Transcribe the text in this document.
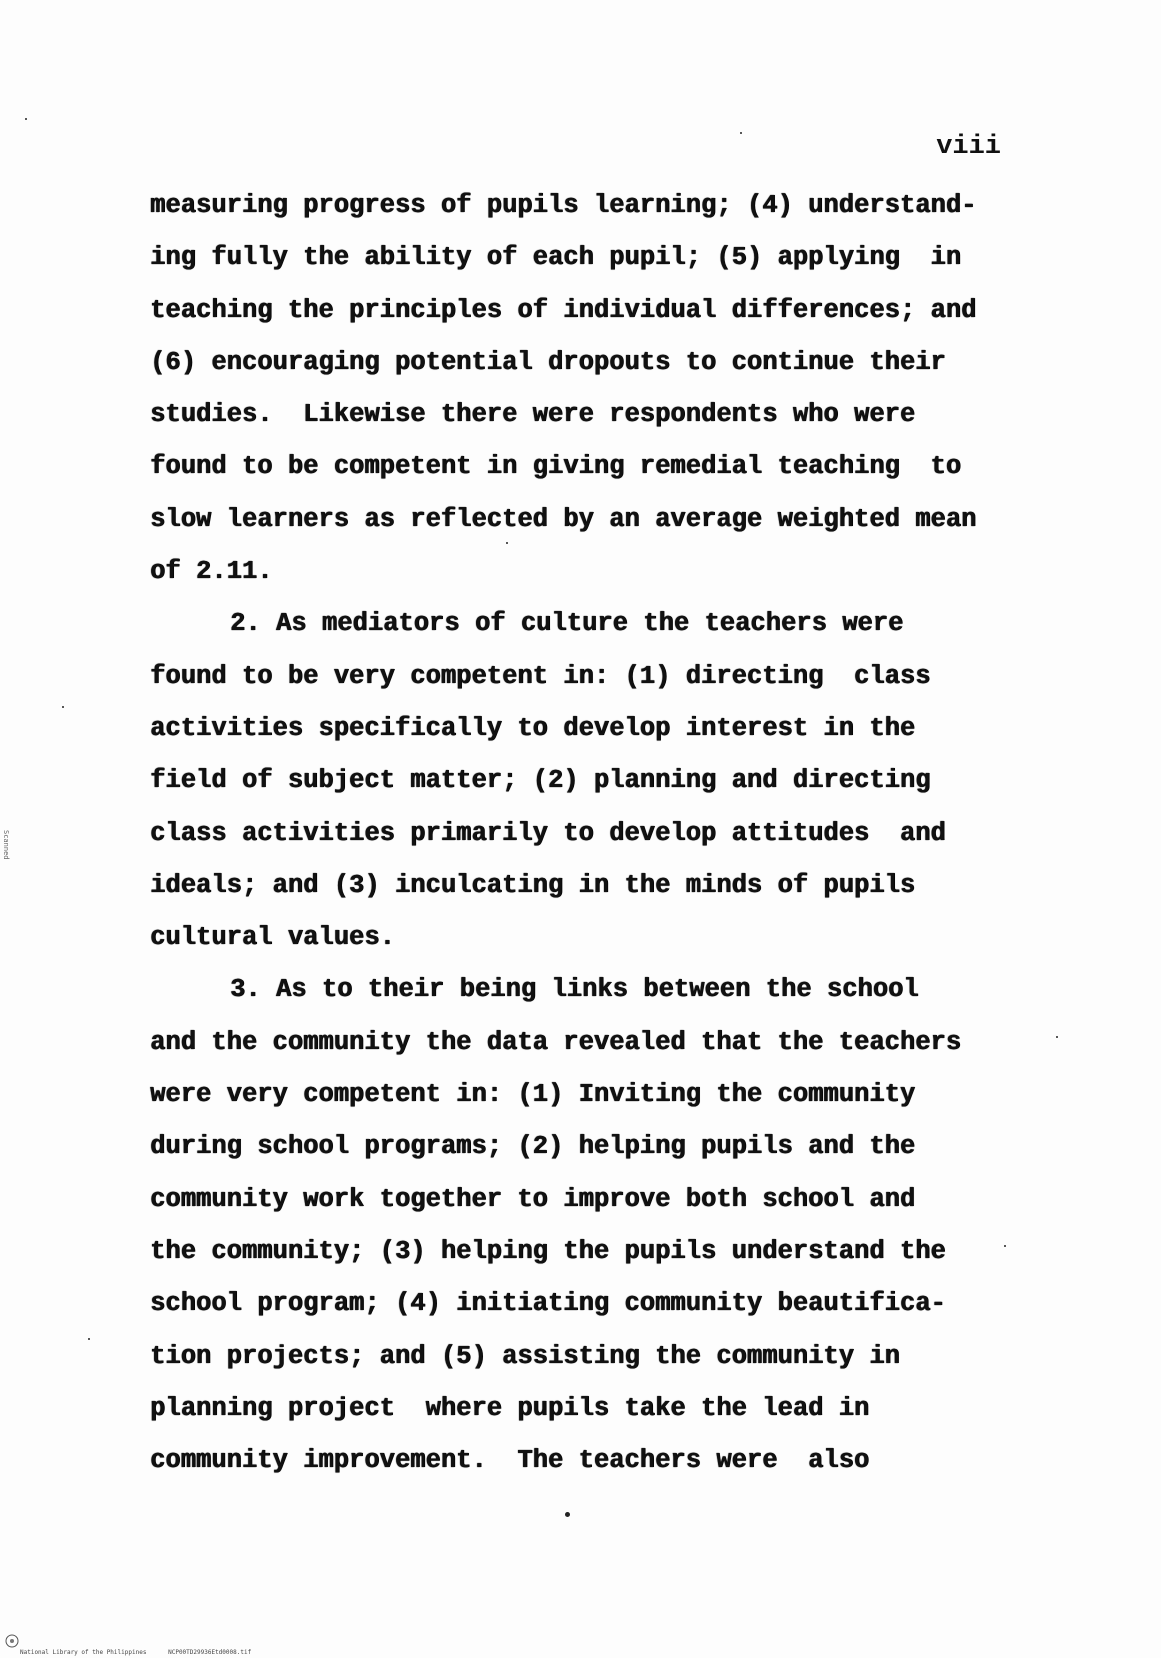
viii
measuring progress of pupils learning; (4) understand-
ing fully the ability of each pupil; (5) applying  in
teaching the principles of individual differences; and
(6) encouraging potential dropouts to continue their
studies.  Likewise there were respondents who were
found to be competent in giving remedial teaching  to
slow learners as reflected by an average weighted mean
of 2.11.
2. As mediators of culture the teachers were
found to be very competent in: (1) directing  class
activities specifically to develop interest in the
field of subject matter; (2) planning and directing
class activities primarily to develop attitudes  and
ideals; and (3) inculcating in the minds of pupils
cultural values.
3. As to their being links between the school
and the community the data revealed that the teachers
were very competent in: (1) Inviting the community
during school programs; (2) helping pupils and the
community work together to improve both school and
the community; (3) helping the pupils understand the
school program; (4) initiating community beautifica-
tion projects; and (5) assisting the community in
planning project  where pupils take the lead in
community improvement.  The teachers were  also
Scanned
National Library of the Philippines      NCP00TD29936Etd0008.tif
